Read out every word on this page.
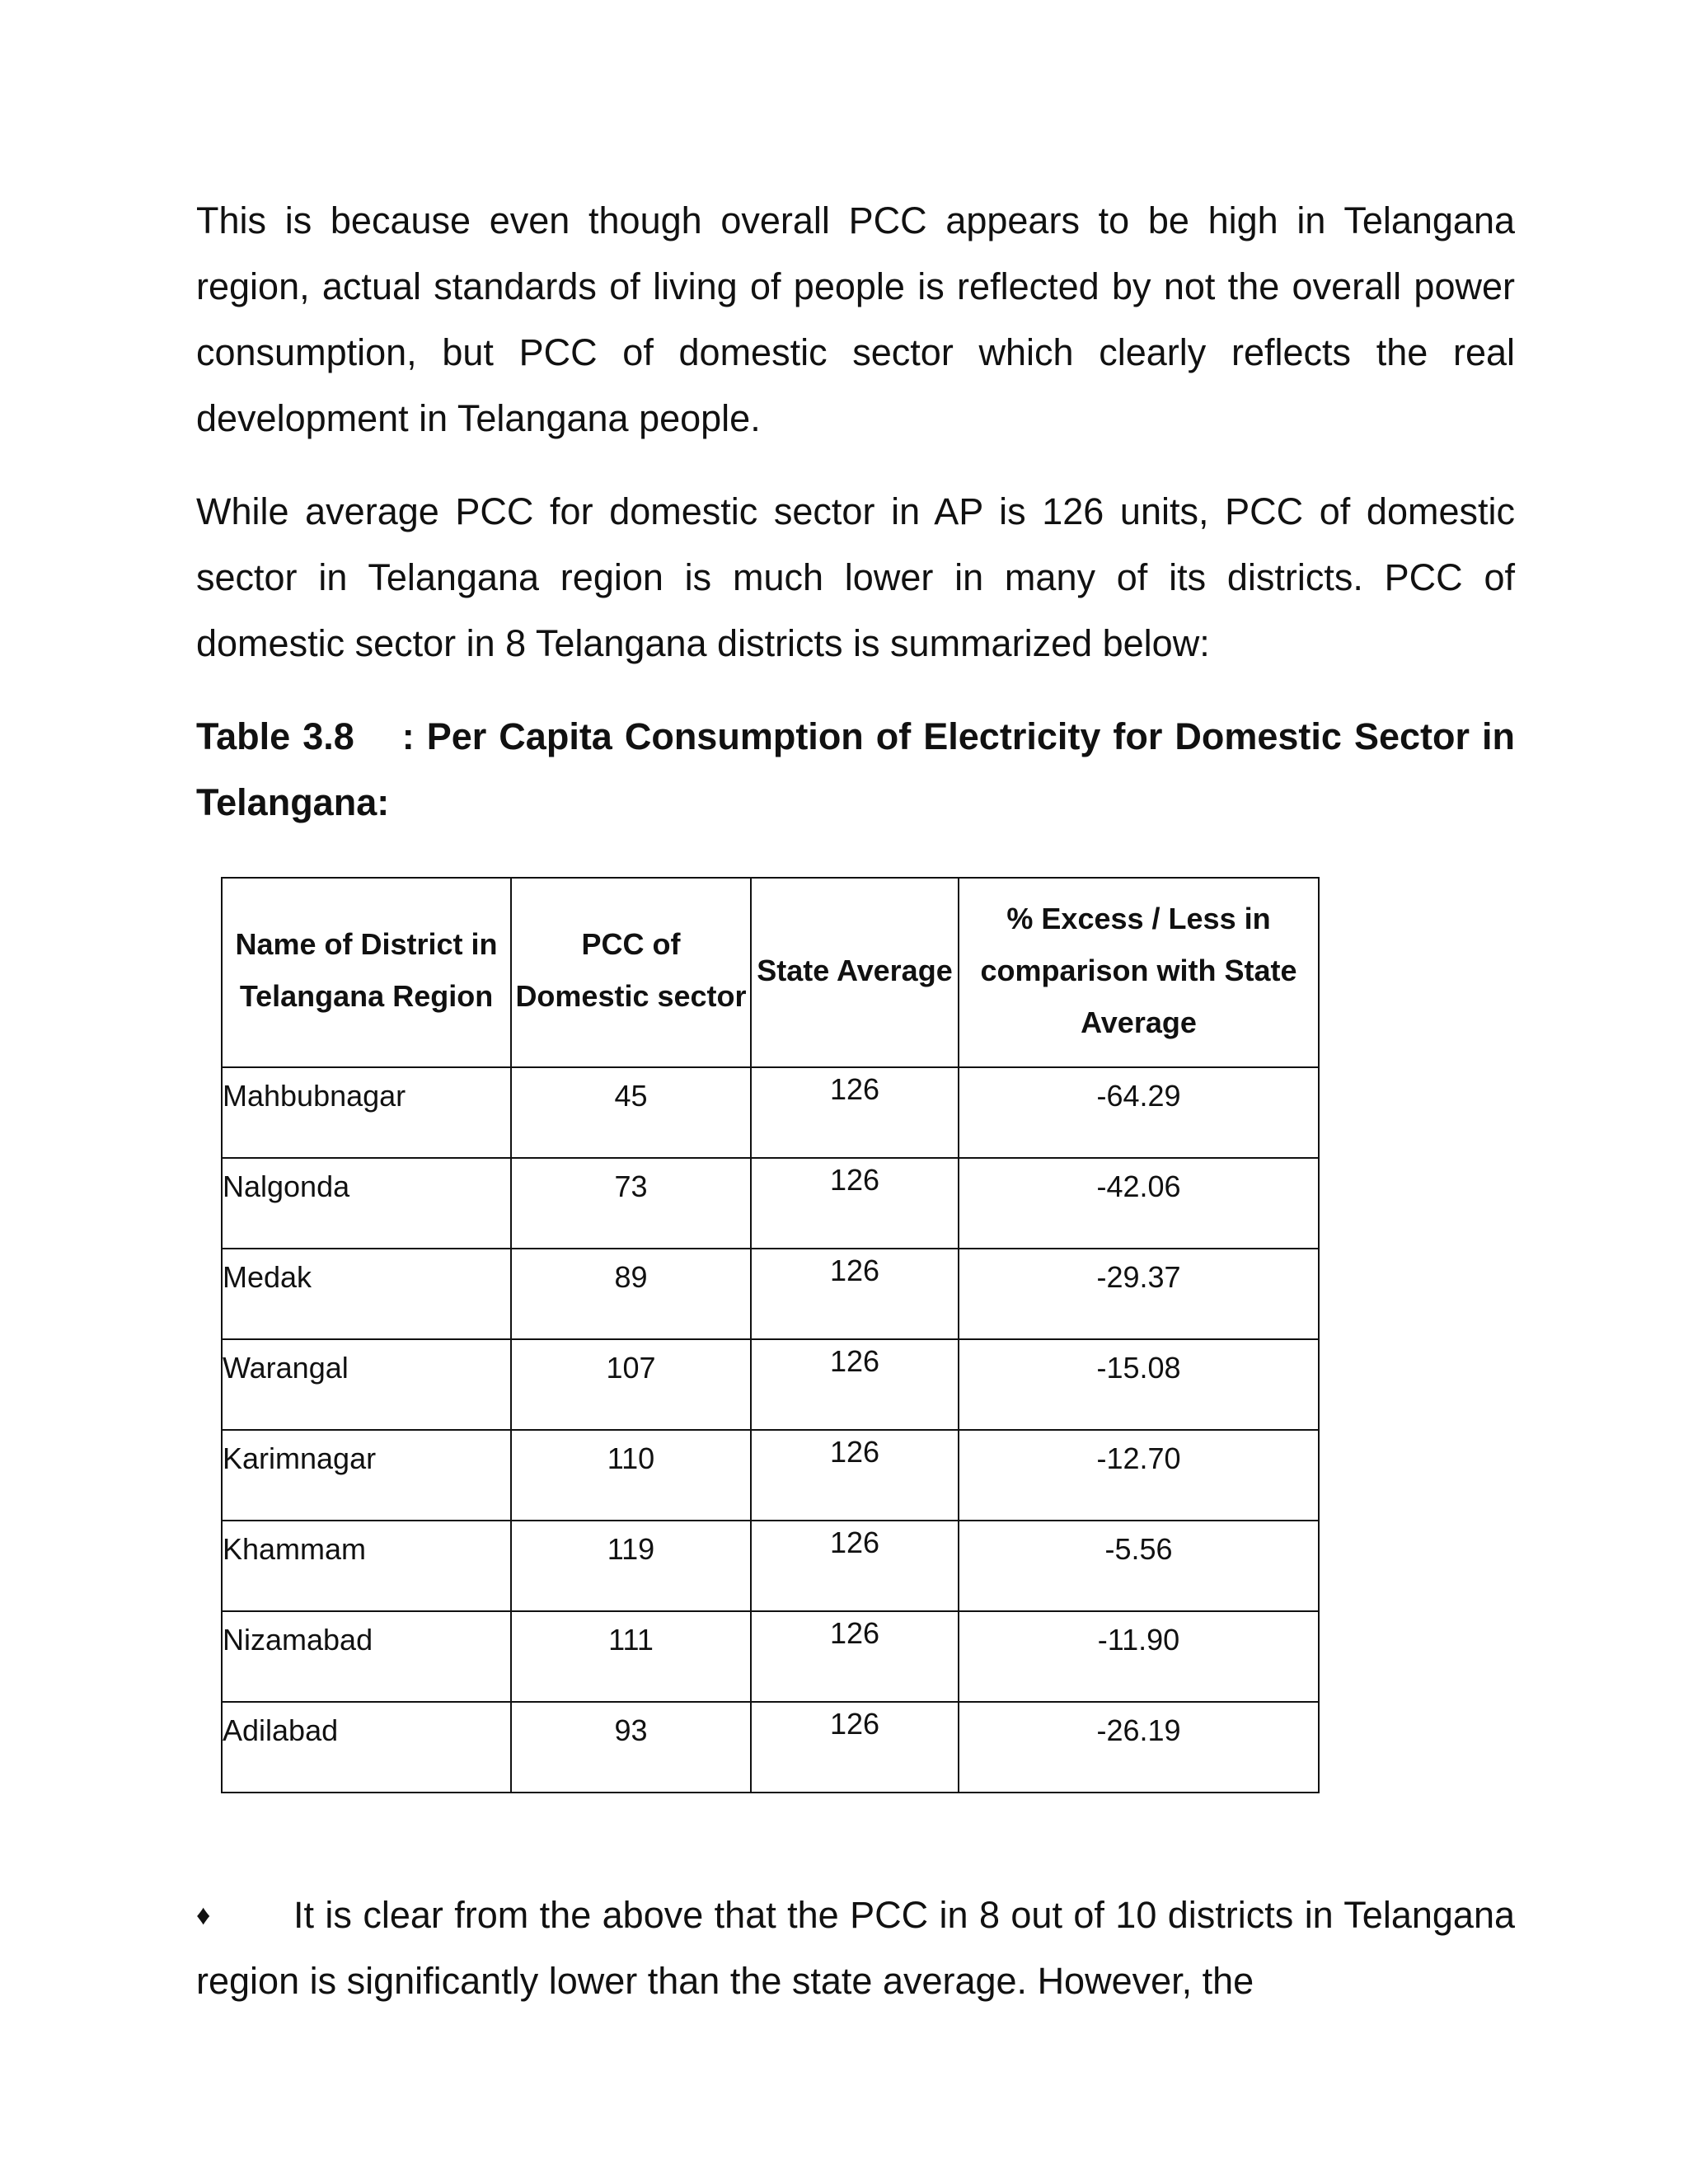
This is because even though overall PCC appears to be high in Telangana region, actual standards of living of people is reflected by not the overall power consumption, but PCC of domestic sector which clearly reflects the real development in Telangana people.

While average PCC for domestic sector in AP is 126 units, PCC of domestic sector in Telangana region is much lower in many of its districts. PCC of domestic sector in 8 Telangana districts is summarized below:

Table 3.8 : Per Capita Consumption of Electricity for Domestic Sector in Telangana:

Name of District in Telangana Region	PCC of Domestic sector	State Average	% Excess / Less in comparison with State Average
Mahbubnagar	45	126	-64.29
Nalgonda	73	126	-42.06
Medak	89	126	-29.37
Warangal	107	126	-15.08
Karimnagar	110	126	-12.70
Khammam	119	126	-5.56
Nizamabad	111	126	-11.90
Adilabad	93	126	-26.19

♦ It is clear from the above that the PCC in 8 out of 10 districts in Telangana region is significantly lower than the state average. However, the
